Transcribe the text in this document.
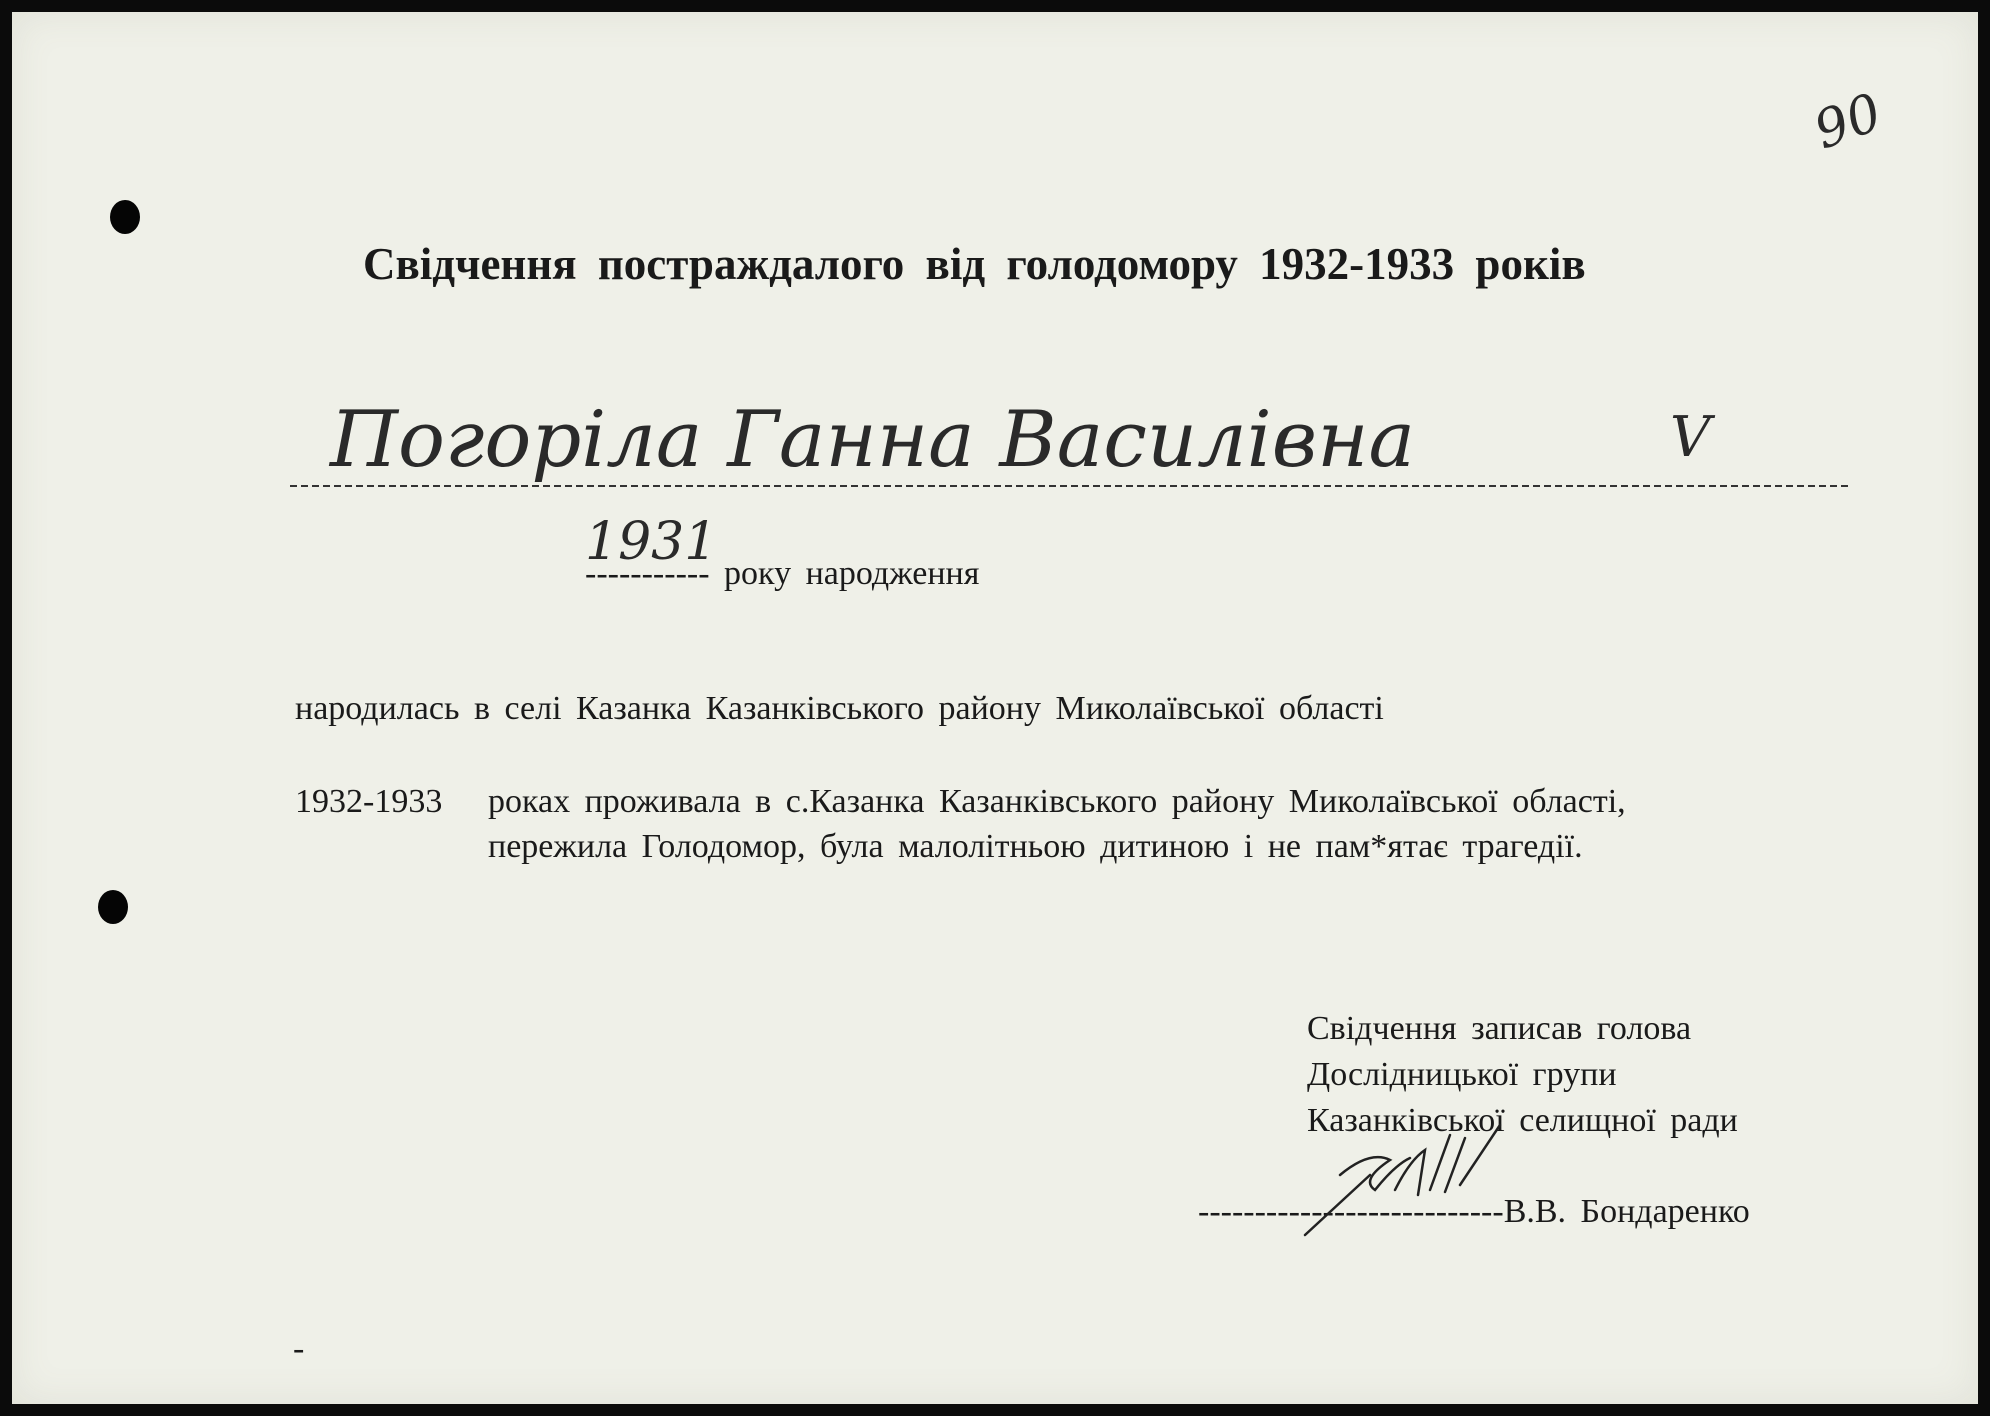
90
Свідчення постраждалого від голодомору 1932-1933 років
Погоріла Ганна Василівна	V
1931
----------- року народження
народилась в селі Казанка Казанківського району Миколаївської області
1932-1933 роках проживала в с.Казанка Казанківського району Миколаївської області,
пережила Голодомор, була малолітньою дитиною і не пам*ятає трагедії.
Свідчення записав голова
Дослідницької групи
Казанківської селищної ради
---------------------------В.В. Бондаренко
-
